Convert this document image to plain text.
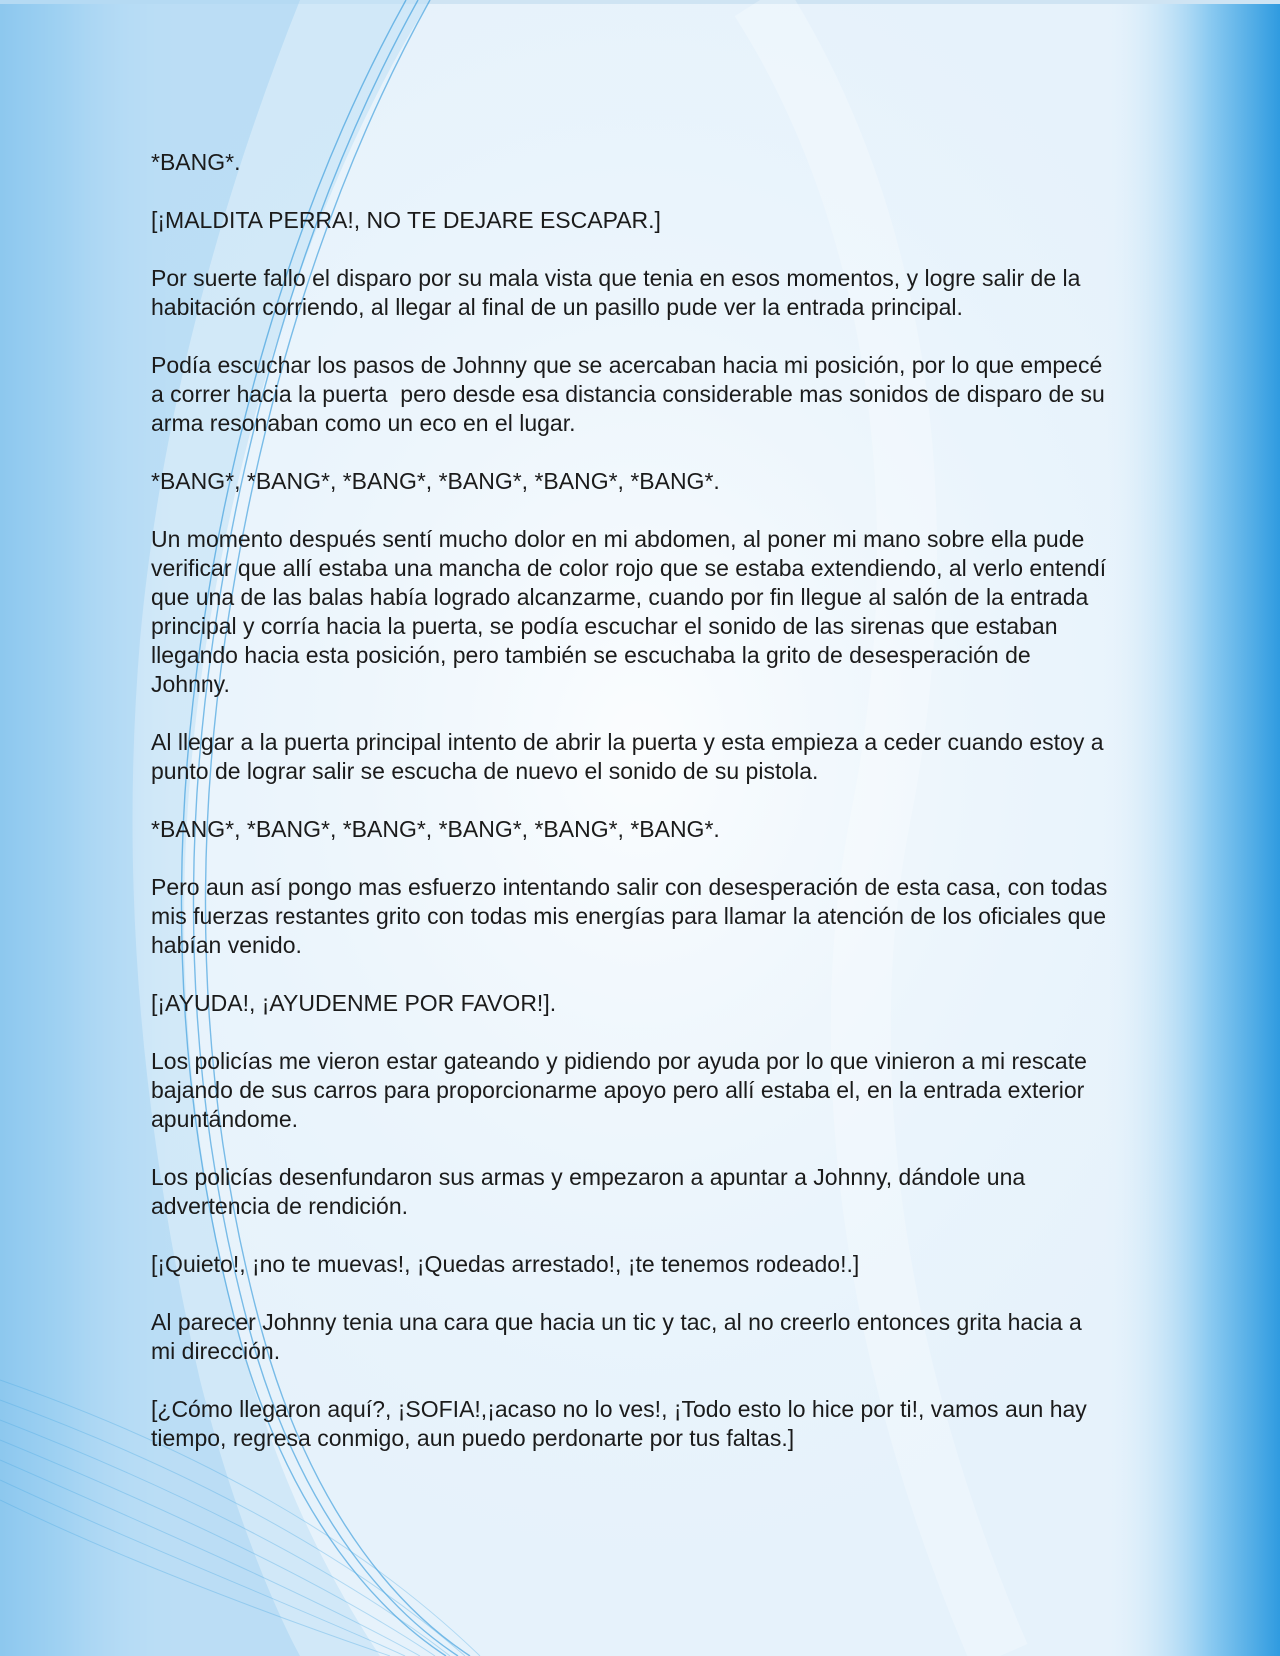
*BANG*.

[¡MALDITA PERRA!, NO TE DEJARE ESCAPAR.]

Por suerte fallo el disparo por su mala vista que tenia en esos momentos, y logre salir de la habitación corriendo, al llegar al final de un pasillo pude ver la entrada principal.

Podía escuchar los pasos de Johnny que se acercaban hacia mi posición, por lo que empecé a correr hacia la puerta  pero desde esa distancia considerable mas sonidos de disparo de su arma resonaban como un eco en el lugar.

*BANG*, *BANG*, *BANG*, *BANG*, *BANG*, *BANG*.

Un momento después sentí mucho dolor en mi abdomen, al poner mi mano sobre ella pude verificar que allí estaba una mancha de color rojo que se estaba extendiendo, al verlo entendí que una de las balas había logrado alcanzarme, cuando por fin llegue al salón de la entrada principal y corría hacia la puerta, se podía escuchar el sonido de las sirenas que estaban llegando hacia esta posición, pero también se escuchaba la grito de desesperación de Johnny.

Al llegar a la puerta principal intento de abrir la puerta y esta empieza a ceder cuando estoy a punto de lograr salir se escucha de nuevo el sonido de su pistola.

*BANG*, *BANG*, *BANG*, *BANG*, *BANG*, *BANG*.

Pero aun así pongo mas esfuerzo intentando salir con desesperación de esta casa, con todas mis fuerzas restantes grito con todas mis energías para llamar la atención de los oficiales que habían venido.

[¡AYUDA!, ¡AYUDENME POR FAVOR!].

Los policías me vieron estar gateando y pidiendo por ayuda por lo que vinieron a mi rescate bajando de sus carros para proporcionarme apoyo pero allí estaba el, en la entrada exterior apuntándome.

Los policías desenfundaron sus armas y empezaron a apuntar a Johnny, dándole una advertencia de rendición.

[¡Quieto!, ¡no te muevas!, ¡Quedas arrestado!, ¡te tenemos rodeado!.]

Al parecer Johnny tenia una cara que hacia un tic y tac, al no creerlo entonces grita hacia a mi dirección.

[¿Cómo llegaron aquí?, ¡SOFIA!,¡acaso no lo ves!, ¡Todo esto lo hice por ti!, vamos aun hay tiempo, regresa conmigo, aun puedo perdonarte por tus faltas.]
